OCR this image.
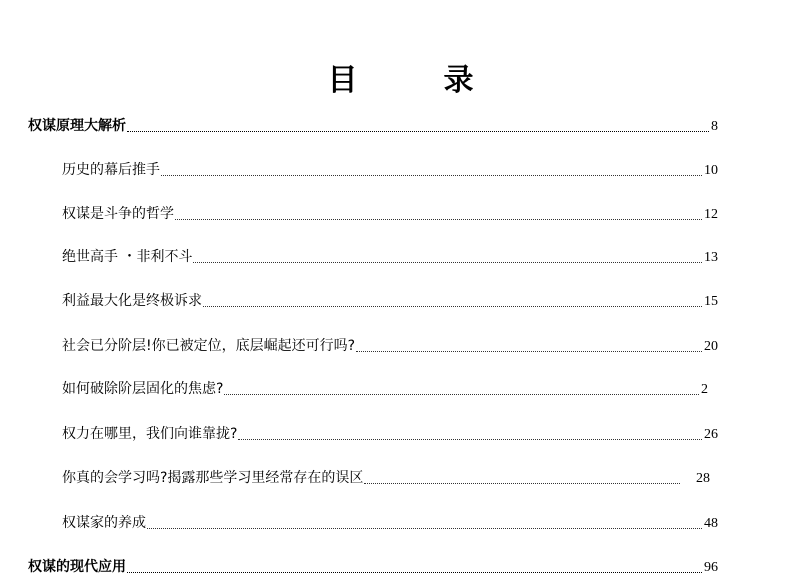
目　录
权谋原理大解析	8
历史的幕后推手	10
权谋是斗争的哲学	12
绝世高手 ・非利不斗	13
利益最大化是终极诉求	15
社会已分阶层!你已被定位，底层崛起还可行吗?	20
如何破除阶层固化的焦虑?	2
权力在哪里，我们向谁靠拢?	26
你真的会学习吗?揭露那些学习里经常存在的误区	28
权谋家的养成	48
权谋的现代应用	96
